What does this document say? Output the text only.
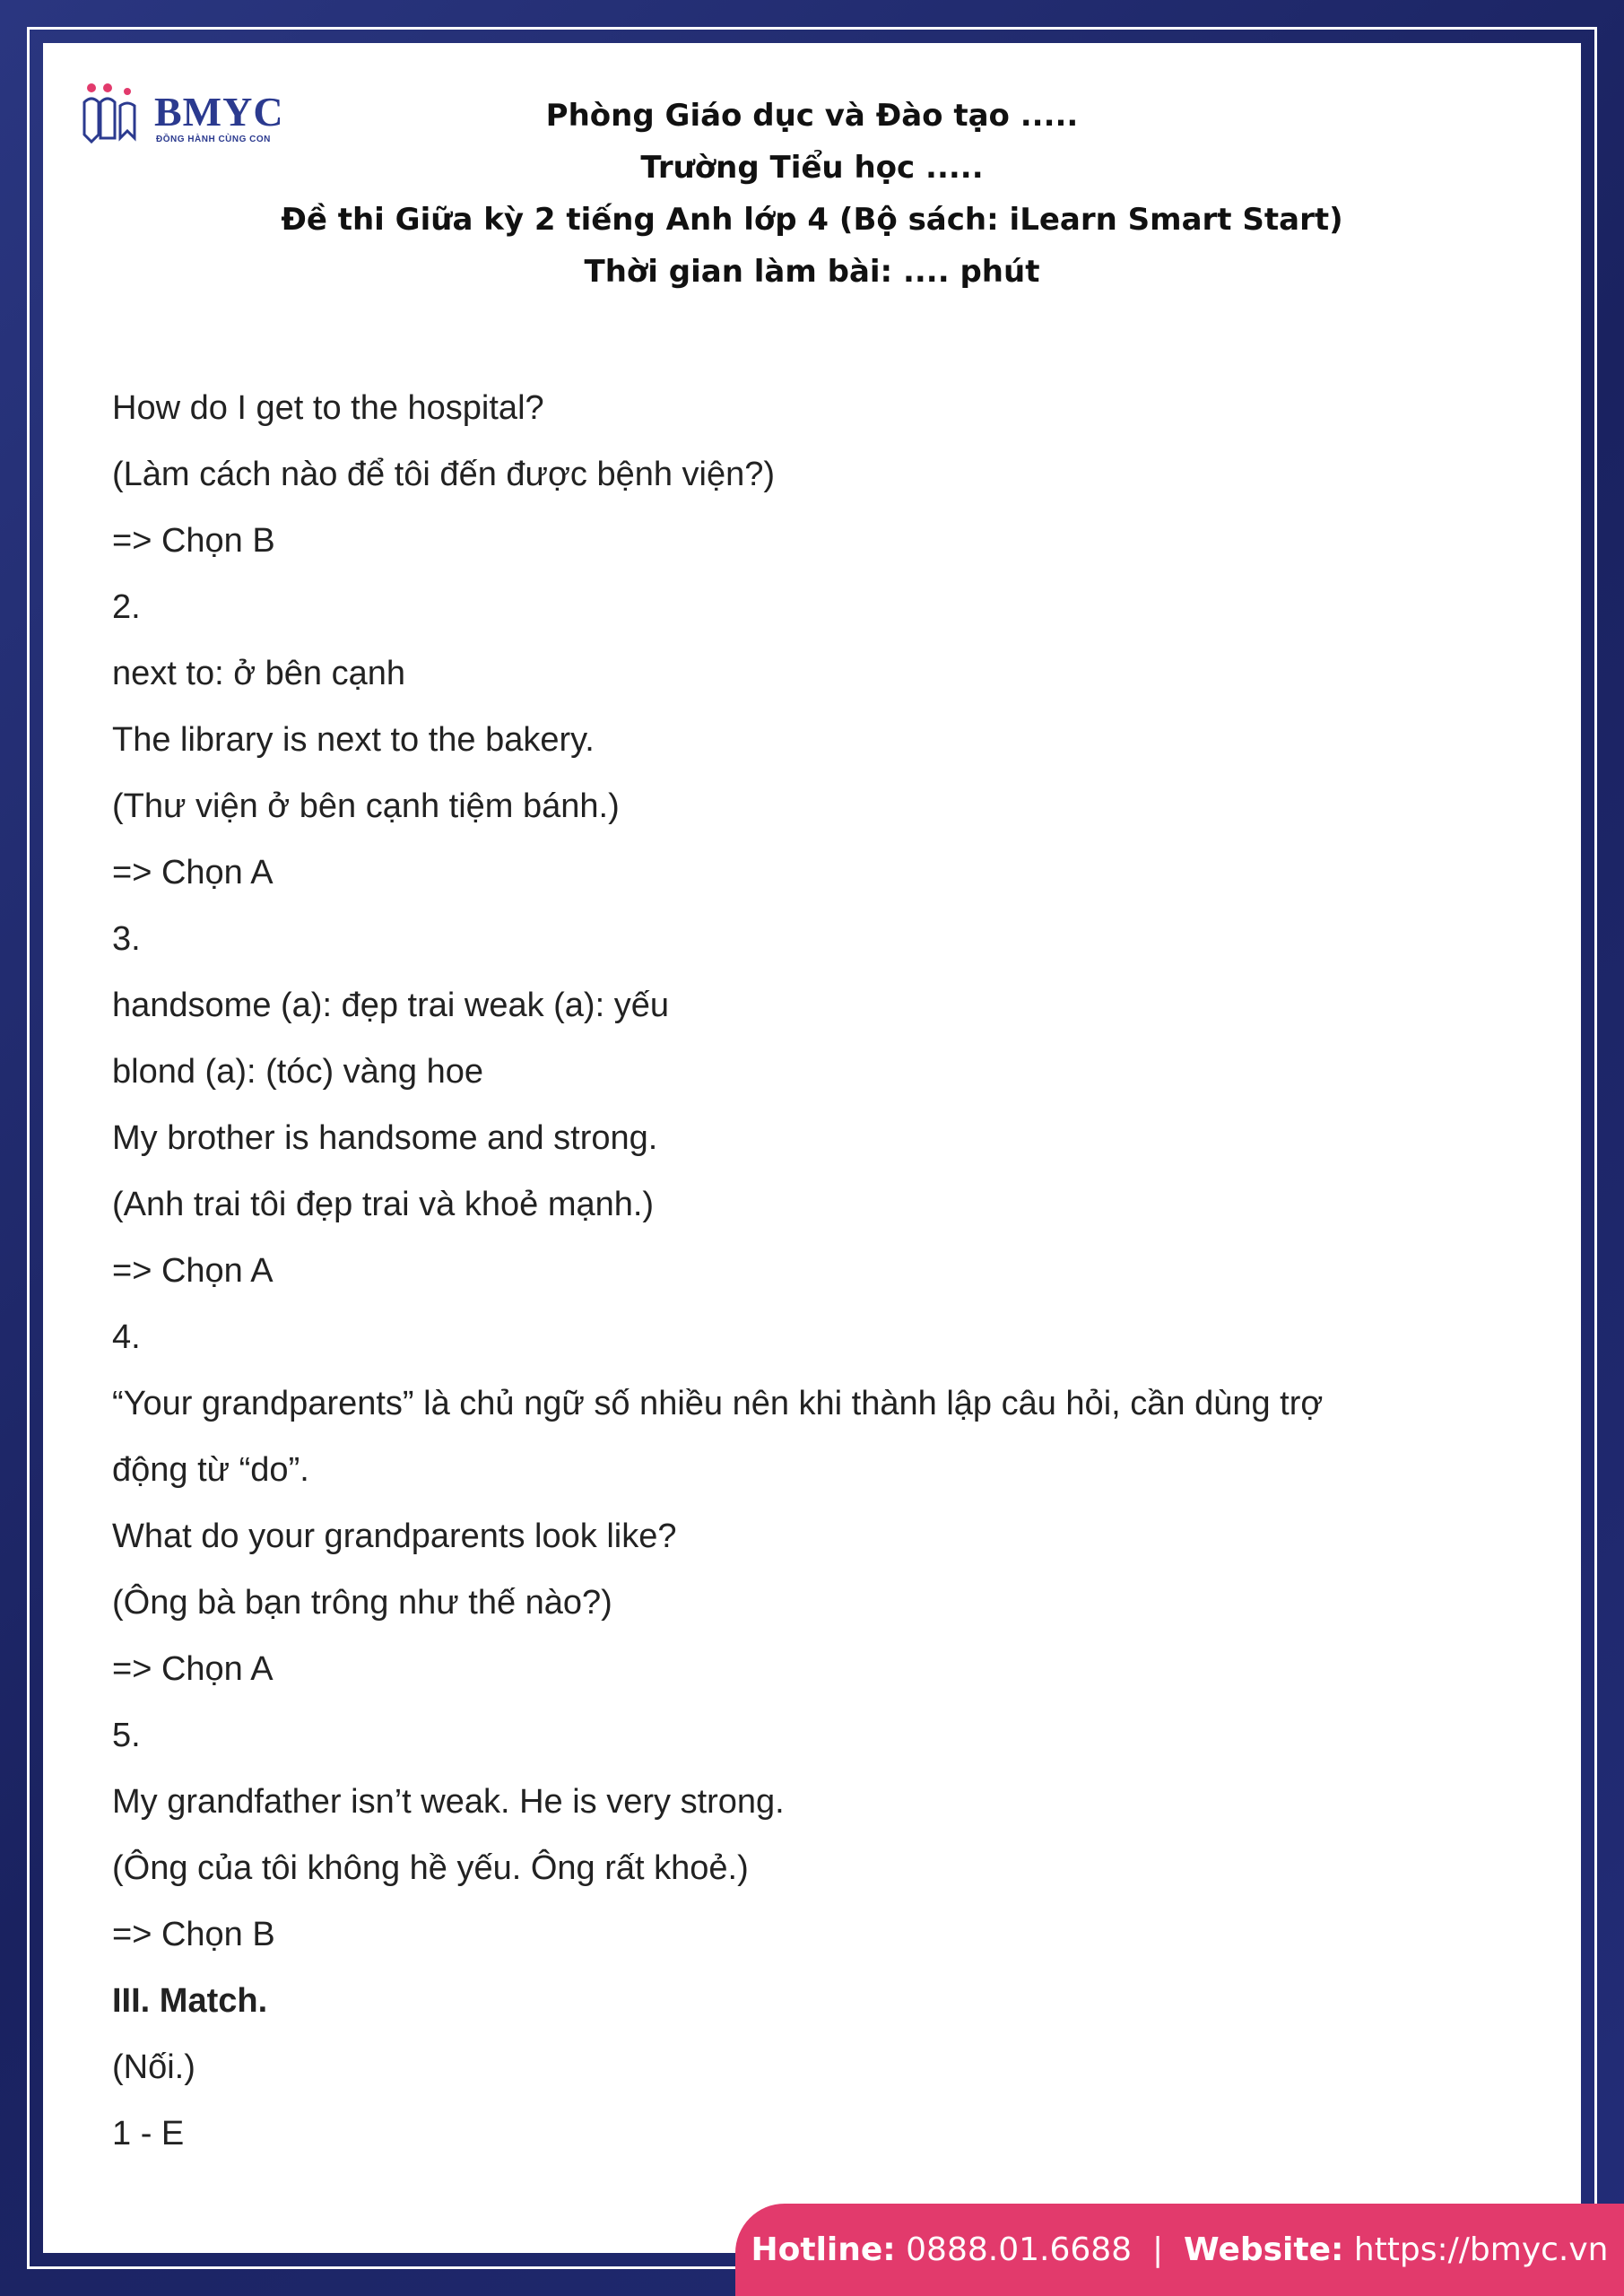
BMYC
ĐỒNG HÀNH CÙNG CON
Phòng Giáo dục và Đào tạo .....
Trường Tiểu học .....
Đề thi Giữa kỳ 2 tiếng Anh lớp 4 (Bộ sách: iLearn Smart Start)
Thời gian làm bài: .... phút
How do I get to the hospital?
(Làm cách nào để tôi đến được bệnh viện?)
=> Chọn B
2.
next to: ở bên cạnh
The library is next to the bakery.
(Thư viện ở bên cạnh tiệm bánh.)
=> Chọn A
3.
handsome (a): đẹp trai weak (a): yếu
blond (a): (tóc) vàng hoe
My brother is handsome and strong.
(Anh trai tôi đẹp trai và khoẻ mạnh.)
=> Chọn A
4.
“Your grandparents” là chủ ngữ số nhiều nên khi thành lập câu hỏi, cần dùng trợ
động từ “do”.
What do your grandparents look like?
(Ông bà bạn trông như thế nào?)
=> Chọn A
5.
My grandfather isn’t weak. He is very strong.
(Ông của tôi không hề yếu. Ông rất khoẻ.)
=> Chọn B
III. Match.
(Nối.)
1 - E
Hotline: 0888.01.6688 | Website: https://bmyc.vn
